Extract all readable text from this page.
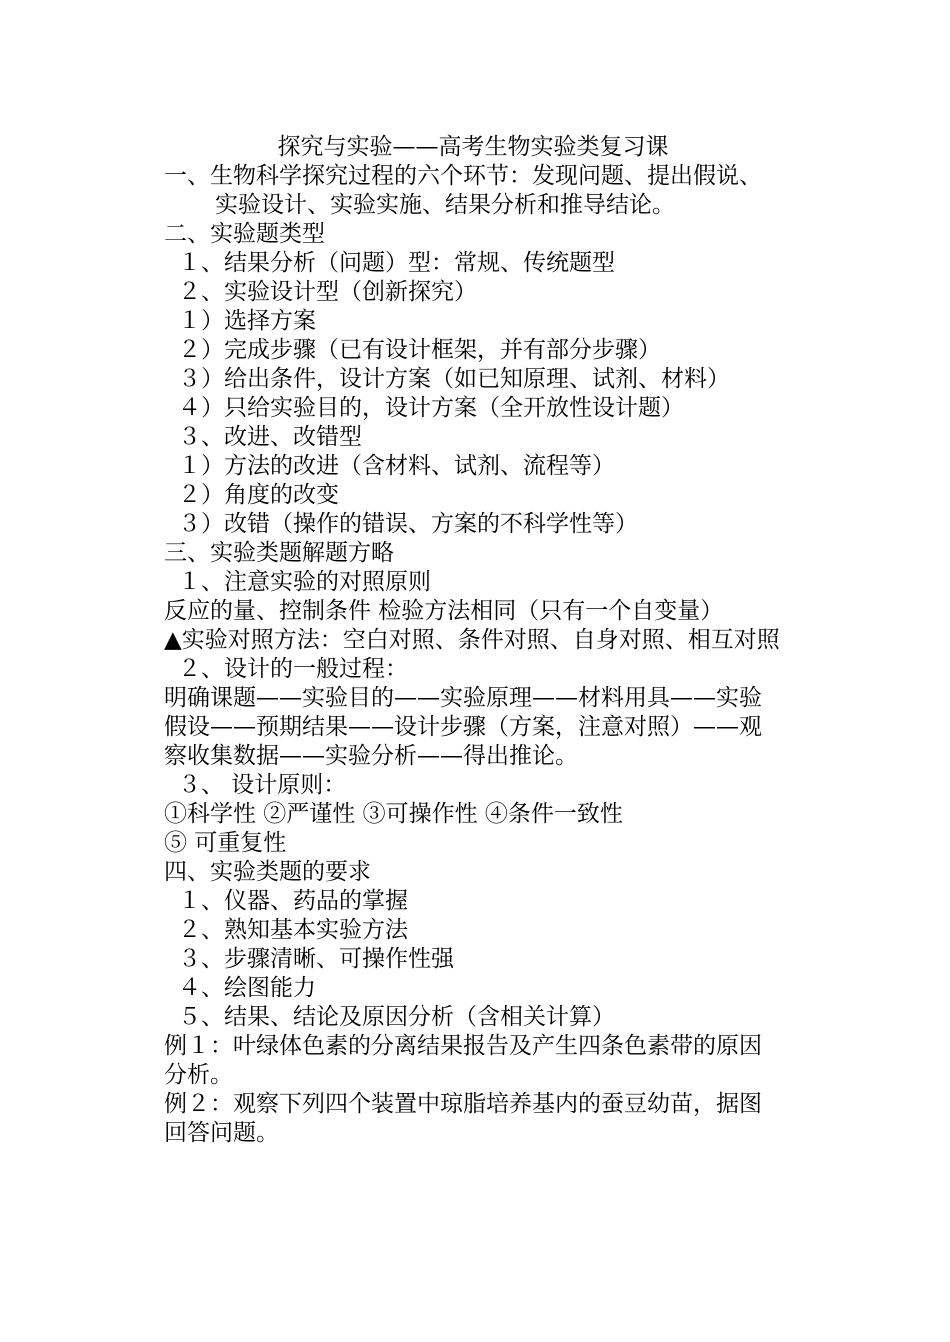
探究与实验——高考生物实验类复习课
一、生物科学探究过程的六个环节：发现问题、提出假说、实验设计、实验实施、结果分析和推导结论。
二、实验题类型
１、结果分析（问题）型：常规、传统题型
２、实验设计型（创新探究）
１）选择方案
２）完成步骤（已有设计框架，并有部分步骤）
３）给出条件，设计方案（如已知原理、试剂、材料）
４）只给实验目的，设计方案（全开放性设计题）
３、改进、改错型
１）方法的改进（含材料、试剂、流程等）
２）角度的改变
３）改错（操作的错误、方案的不科学性等）
三、实验类题解题方略
１、注意实验的对照原则
反应的量、控制条件 检验方法相同（只有一个自变量）
▲实验对照方法：空白对照、条件对照、自身对照、相互对照
２、设计的一般过程：
明确课题——实验目的——实验原理——材料用具——实验假设——预期结果——设计步骤（方案，注意对照）——观察收集数据——实验分析——得出推论。
３、 设计原则：
①科学性 ②严谨性 ③可操作性 ④条件一致性
⑤ 可重复性
四、实验类题的要求
１、仪器、药品的掌握
２、熟知基本实验方法
３、步骤清晰、可操作性强
４、绘图能力
５、结果、结论及原因分析（含相关计算）
例１：叶绿体色素的分离结果报告及产生四条色素带的原因分析。
例２：观察下列四个装置中琼脂培养基内的蚕豆幼苗，据图回答问题。
